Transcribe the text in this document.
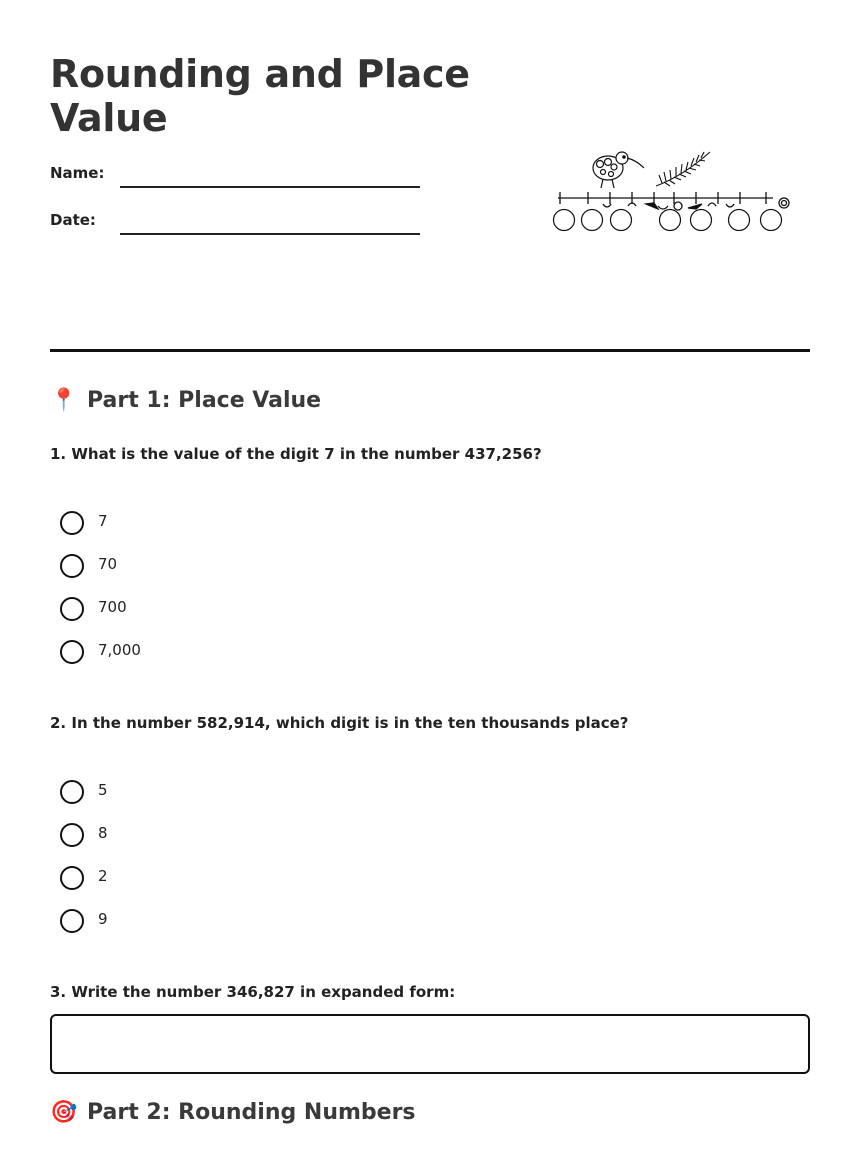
Rounding and Place Value
Name:
Date:
📍 Part 1: Place Value
1. What is the value of the digit 7 in the number 437,256?
7
70
700
7,000
2. In the number 582,914, which digit is in the ten thousands place?
5
8
2
9
3. Write the number 346,827 in expanded form:
🎯 Part 2: Rounding Numbers
